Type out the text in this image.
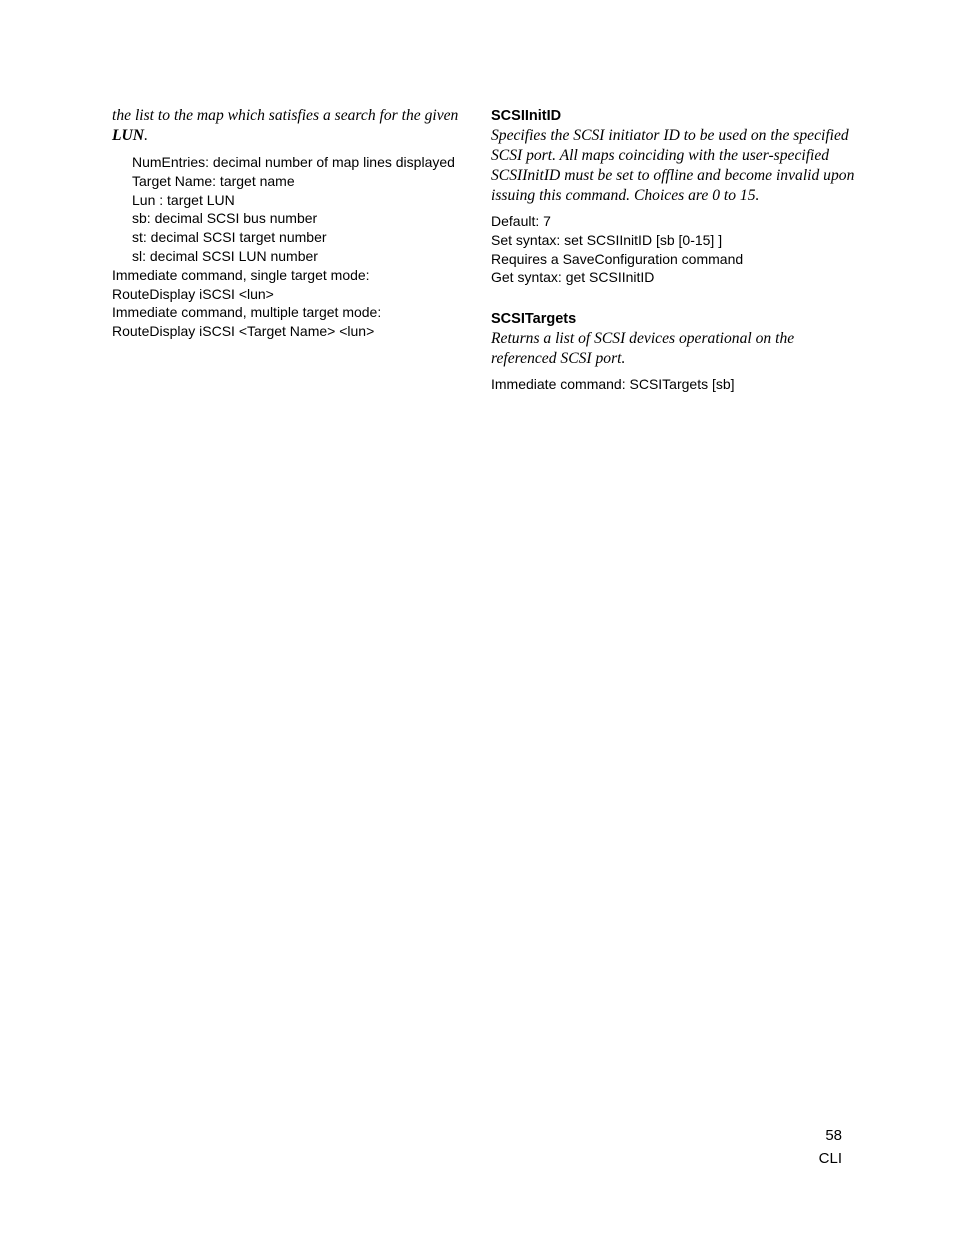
the list to the map which satisfies a search for the given
LUN.
NumEntries: decimal number of map lines displayed
Target Name: target name
Lun : target LUN
sb: decimal SCSI bus number
st: decimal SCSI target number
sl: decimal SCSI LUN number
Immediate command, single target mode:
RouteDisplay iSCSI <lun>
Immediate command, multiple target mode:
RouteDisplay iSCSI <Target Name> <lun>
SCSIInitID
Specifies the SCSI initiator ID to be used on the specified
SCSI port. All maps coinciding with the user-specified
SCSIInitID must be set to offline and become invalid upon
issuing this command. Choices are 0 to 15.
Default: 7
Set syntax: set SCSIInitID [sb [0-15] ]
Requires a SaveConfiguration command
Get syntax: get SCSIInitID
SCSITargets
Returns a list of SCSI devices operational on the
referenced SCSI port.
Immediate command: SCSITargets [sb]
58
CLI
